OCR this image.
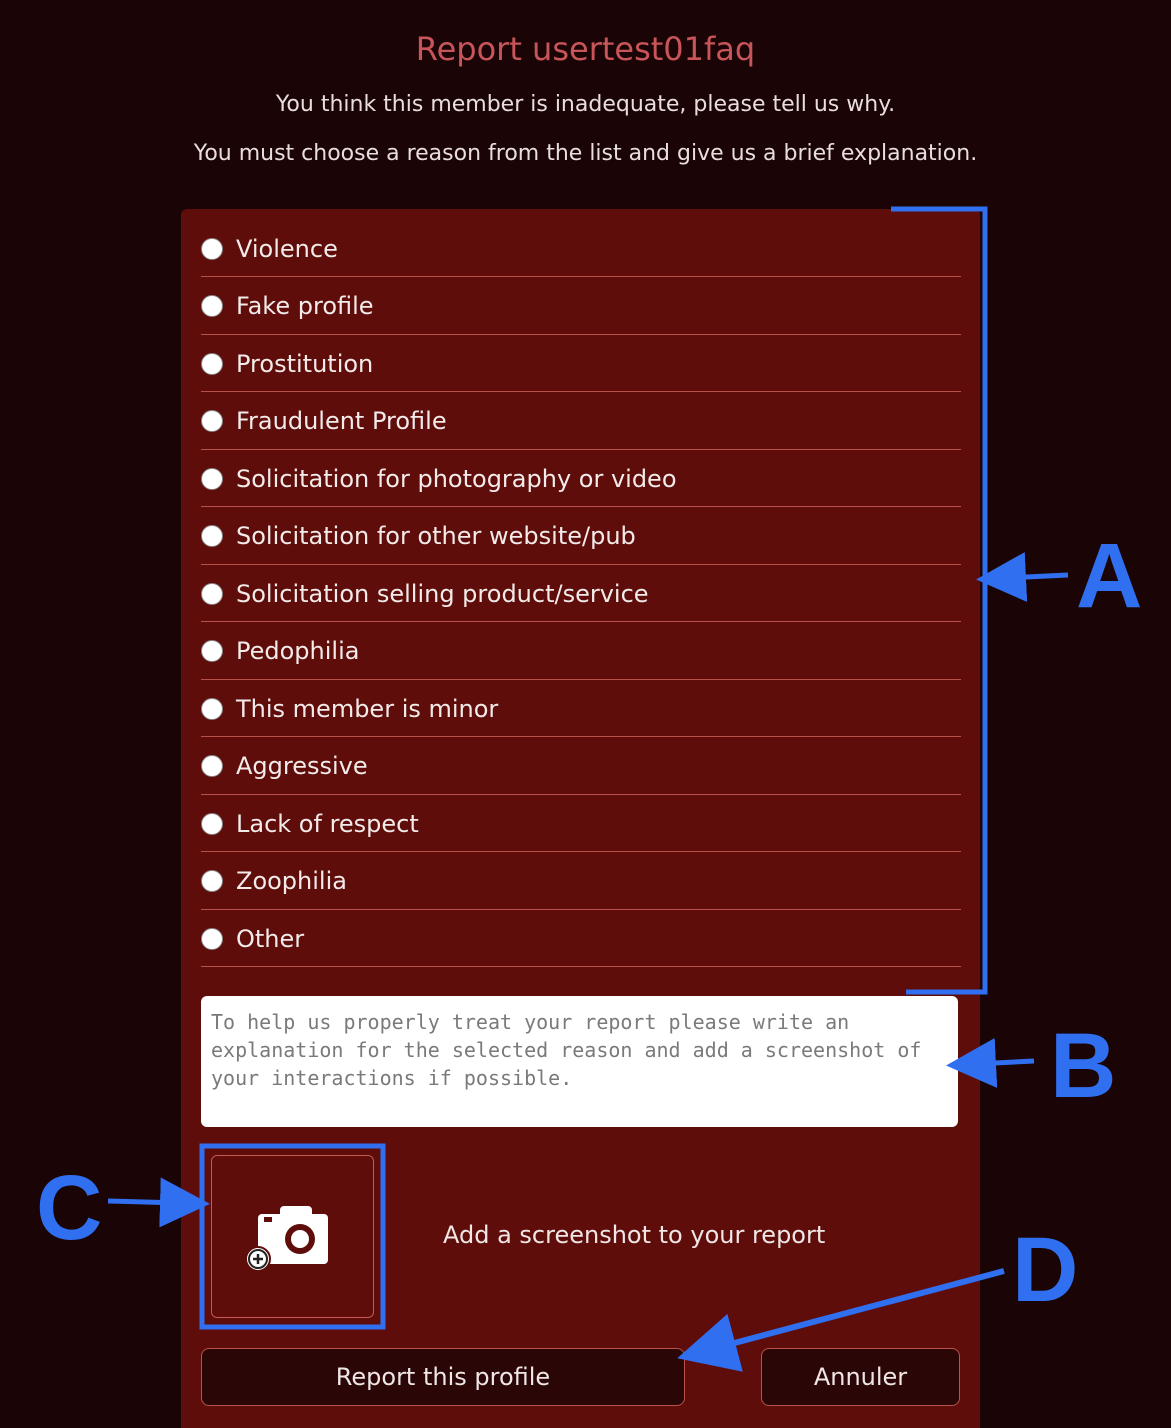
Report usertest01faq
You think this member is inadequate, please tell us why.
You must choose a reason from the list and give us a brief explanation.
Violence
Fake profile
Prostitution
Fraudulent Profile
Solicitation for photography or video
Solicitation for other website/pub
Solicitation selling product/service
Pedophilia
This member is minor
Aggressive
Lack of respect
Zoophilia
Other
To help us properly treat your report please write an explanation for the selected reason and add a screenshot of your interactions if possible.
Add a screenshot to your report
Report this profile	Annuler
A
B
C
D
